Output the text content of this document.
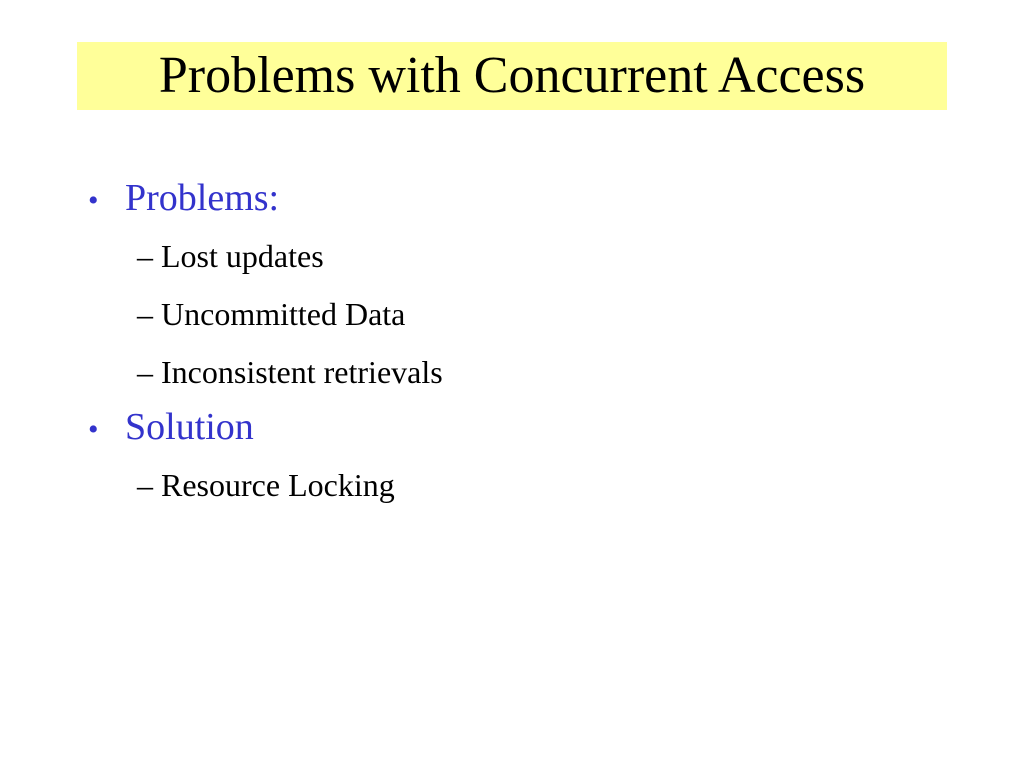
Problems with Concurrent Access
• Problems:
– Lost updates
– Uncommitted Data
– Inconsistent retrievals
• Solution
– Resource Locking
